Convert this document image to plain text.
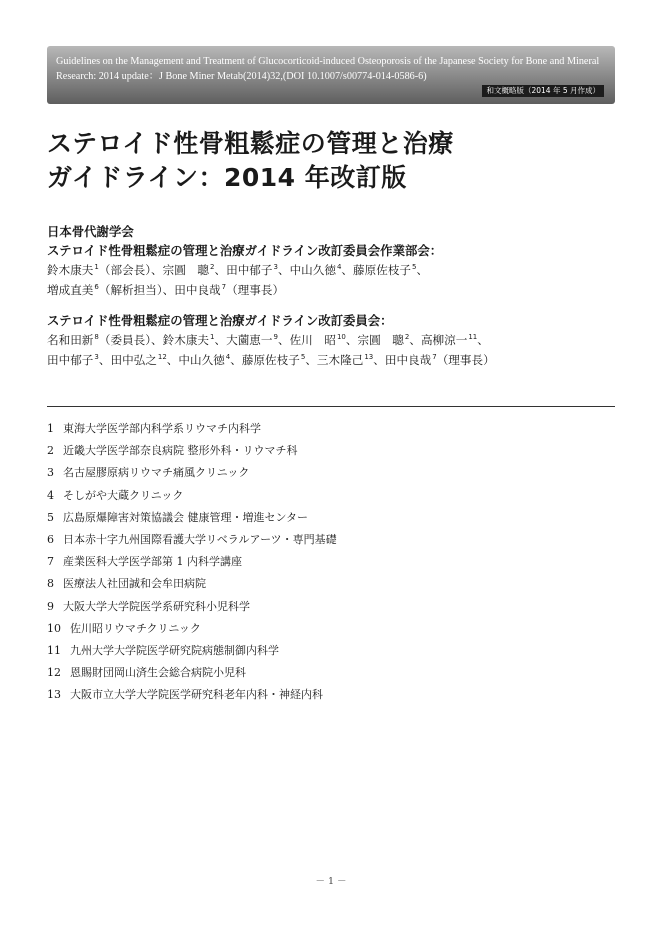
Guidelines on the Management and Treatment of Glucocorticoid-induced Osteoporosis of the Japanese Society for Bone and Mineral
Research: 2014 update：J Bone Miner Metab(2014)32,(DOI 10.1007/s00774-014-0586-6)
和文概略版（2014 年 5 月作成）
ステロイド性骨粗鬆症の管理と治療
ガイドライン：2014 年改訂版
日本骨代謝学会
ステロイド性骨粗鬆症の管理と治療ガイドライン改訂委員会作業部会：
鈴木康夫$^1$（部会長）、宗圓　聰$^2$、田中郁子$^3$、中山久徳$^4$、藤原佐枝子$^5$、
増成直美$^6$（解析担当）、田中良哉$^7$（理事長）
ステロイド性骨粗鬆症の管理と治療ガイドライン改訂委員会：
名和田新$^8$（委員長）、鈴木康夫$^1$、大薗恵一$^9$、佐川　昭$^{10}$、宗圓　聰$^2$、高柳涼一$^{11}$、
田中郁子$^3$、田中弘之$^{12}$、中山久徳$^4$、藤原佐枝子$^5$、三木隆己$^{13}$、田中良哉$^7$（理事長）
1 東海大学医学部内科学系リウマチ内科学
2 近畿大学医学部奈良病院 整形外科・リウマチ科
3 名古屋膠原病リウマチ痛風クリニック
4 そしがや大蔵クリニック
5 広島原爆障害対策協議会 健康管理・増進センター
6 日本赤十字九州国際看護大学リベラルアーツ・専門基礎
7 産業医科大学医学部第 1 内科学講座
8 医療法人社団誠和会牟田病院
9 大阪大学大学院医学系研究科小児科学
10 佐川昭リウマチクリニック
11 九州大学大学院医学研究院病態制御内科学
12 恩賜財団岡山済生会総合病院小児科
13 大阪市立大学大学院医学研究科老年内科・神経内科
－ 1 －
